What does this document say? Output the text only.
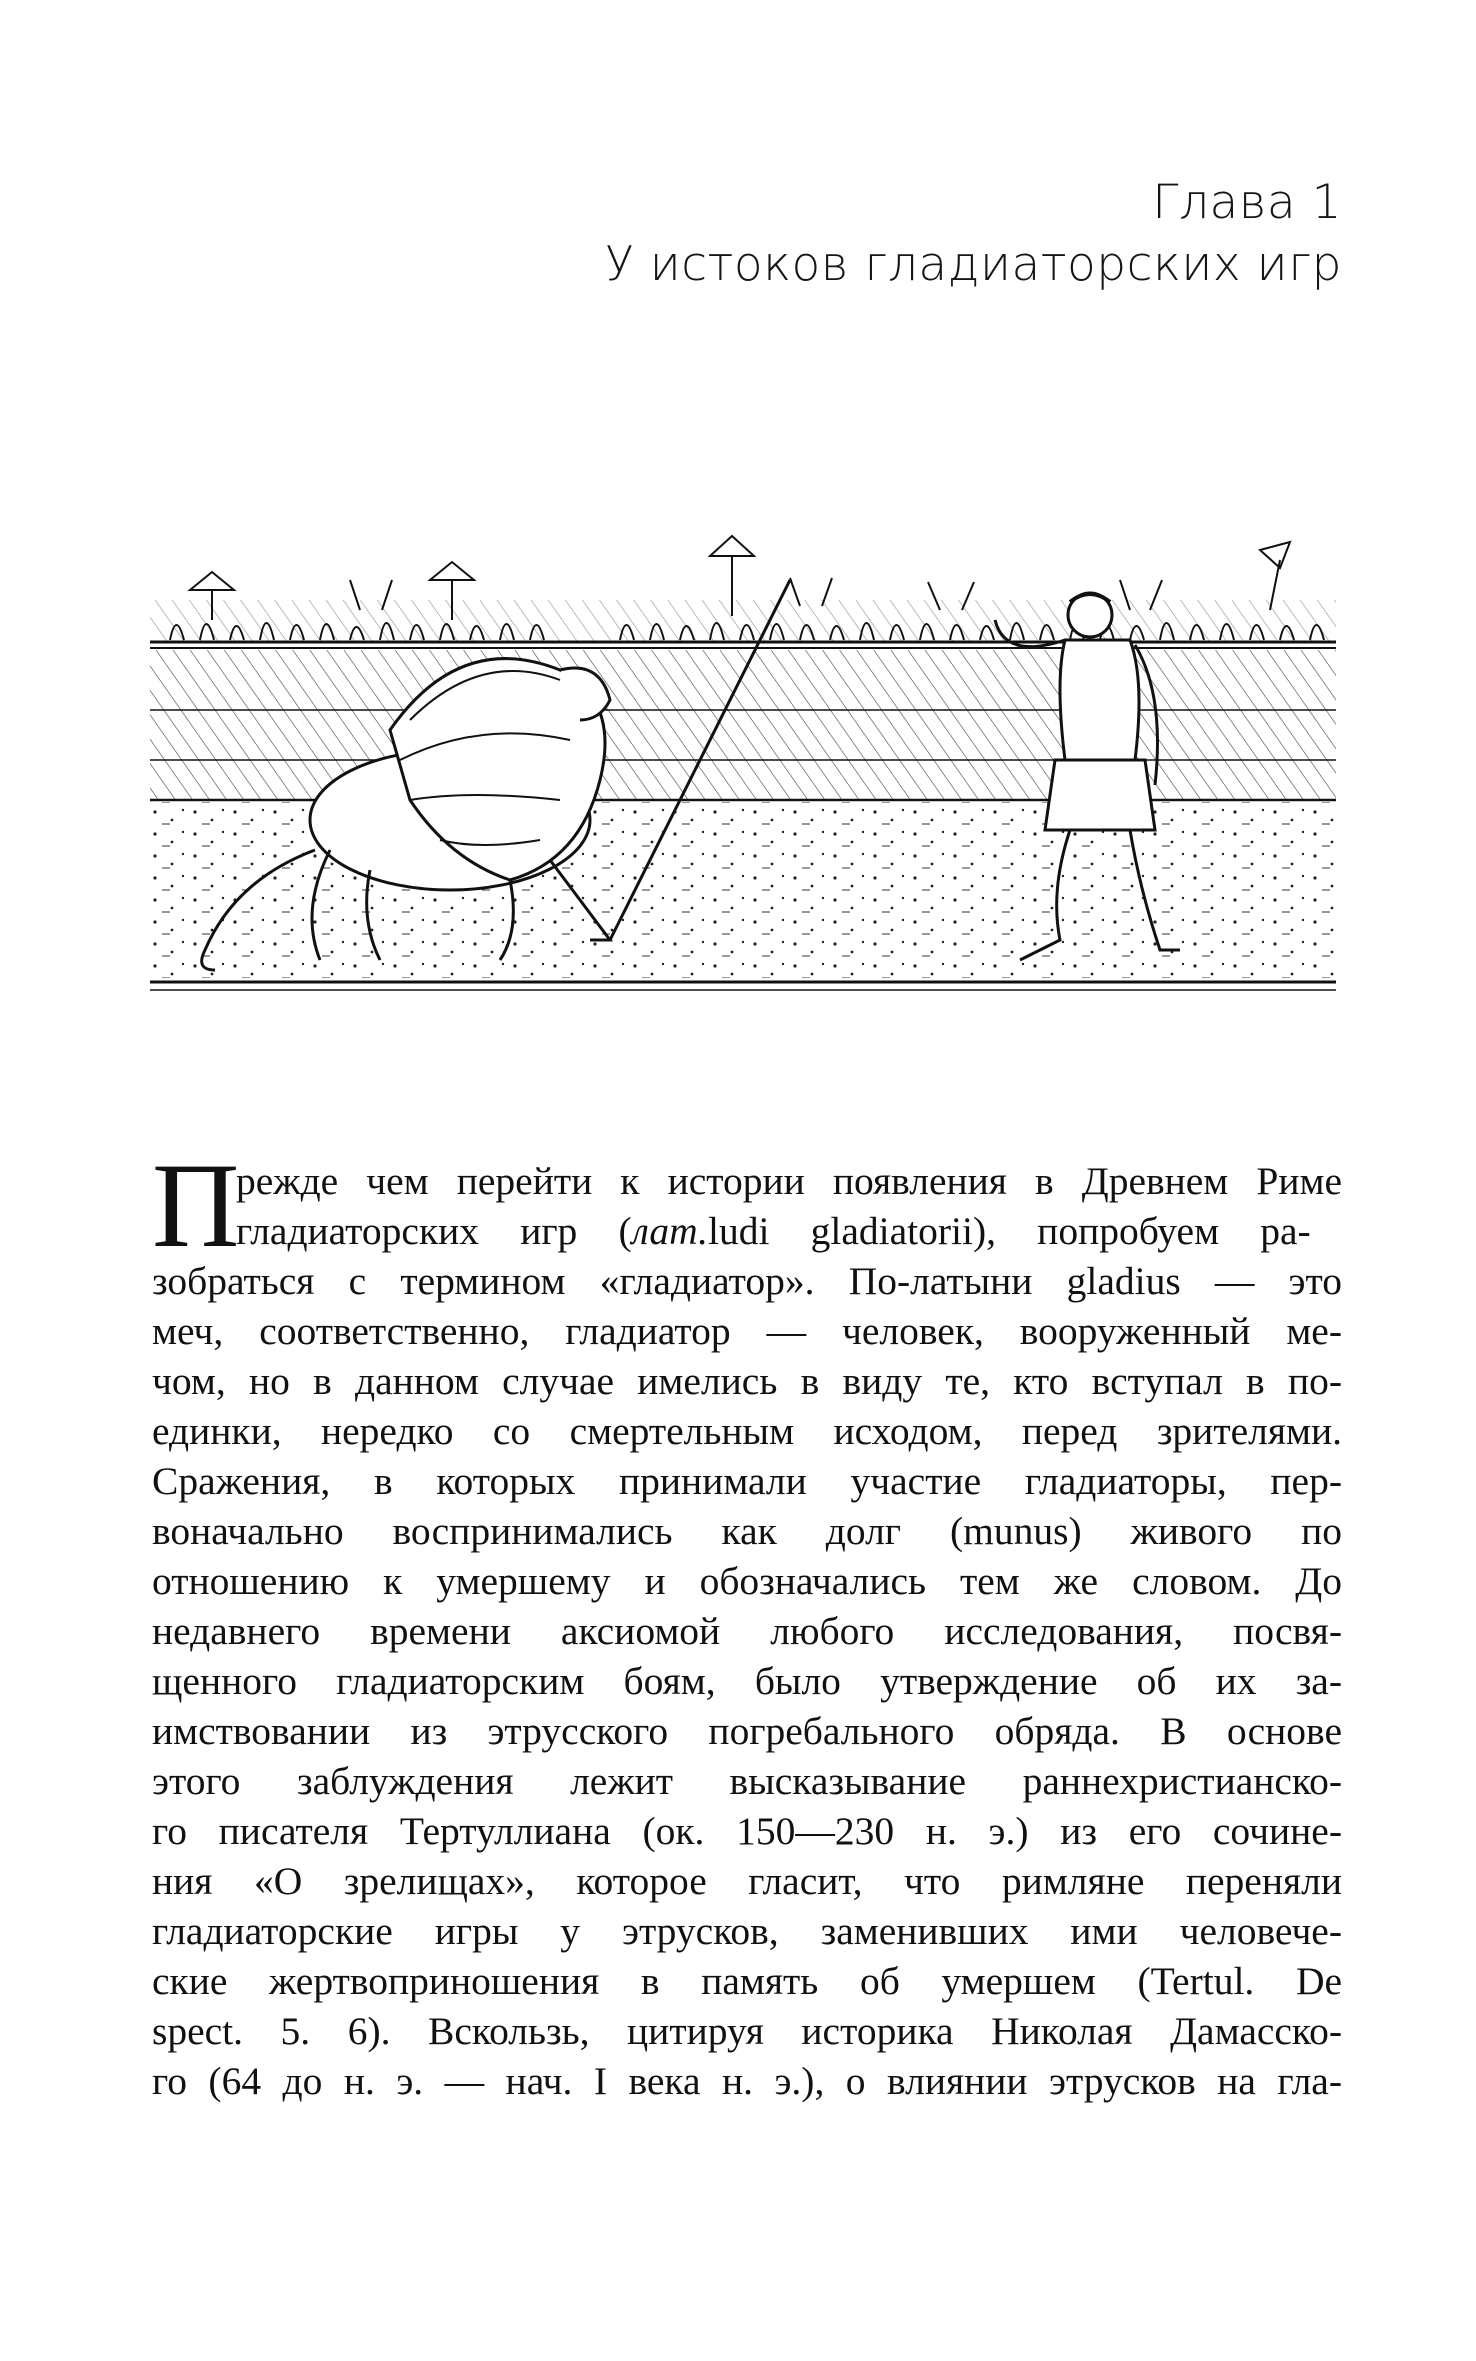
Глава 1
У истоков гладиаторских игр
П
режде чем перейти к истории появления в Древнем Риме
гладиаторских игр (лат.ludi gladiatorii), попробуем ра-
зобраться с термином «гладиатор». По-латыни gladius — это
меч, соответственно, гладиатор — человек, вооруженный ме-
чом, но в данном случае имелись в виду те, кто вступал в по-
единки, нередко со смертельным исходом, перед зрителями.
Сражения, в которых принимали участие гладиаторы, пер-
воначально воспринимались как долг (munus) живого по
отношению к умершему и обозначались тем же словом. До
недавнего времени аксиомой любого исследования, посвя-
щенного гладиаторским боям, было утверждение об их за-
имствовании из этрусского погребального обряда. В основе
этого заблуждения лежит высказывание раннехристианско-
го писателя Тертуллиана (ок. 150—230 н. э.) из его сочине-
ния «О зрелищах», которое гласит, что римляне переняли
гладиаторские игры у этрусков, заменивших ими человече-
ские жертвоприношения в память об умершем (Tertul. De
spect. 5. 6). Вскользь, цитируя историка Николая Дамасско-
го (64 до н. э. — нач. I века н. э.), о влиянии этрусков на гла-
